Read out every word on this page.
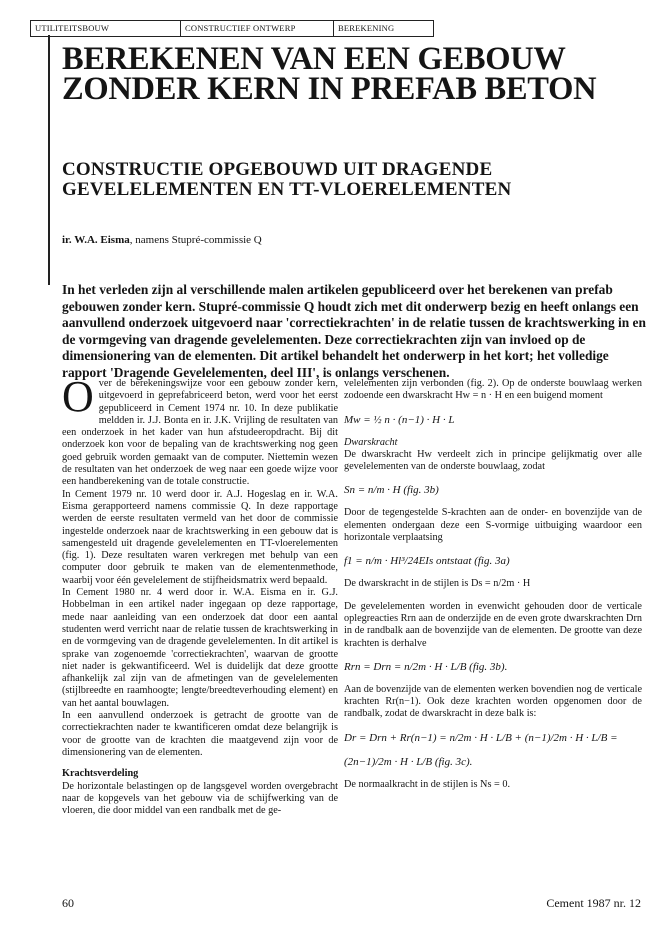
UTILITEITSBOUW	CONSTRUCTIEF ONTWERP	BEREKENING
BEREKENEN VAN EEN GEBOUW ZONDER KERN IN PREFAB BETON
CONSTRUCTIE OPGEBOUWD UIT DRAGENDE GEVELELEMENTEN EN TT-VLOERELEMENTEN
ir. W.A. Eisma, namens Stupré-commissie Q

In het verleden zijn al verschillende malen artikelen gepubliceerd over het berekenen van prefab gebouwen zonder kern. Stupré-commissie Q houdt zich met dit onderwerp bezig en heeft onlangs een aanvullend onderzoek uitgevoerd naar 'correctiekrachten' in de relatie tussen de krachtswerking in en de vormgeving van dragende gevelelementen. Deze correctiekrachten zijn van invloed op de dimensionering van de elementen. Dit artikel behandelt het onderwerp in het kort; het volledige rapport 'Dragende Gevelelementen, deel III', is onlangs verschenen.

Over de berekeningswijze voor een gebouw zonder kern, uitgevoerd in geprefabriceerd beton, werd voor het eerst gepubliceerd in Cement 1974 nr. 10. In deze publikatie meldden ir. J.J. Bonta en ir. J.K. Vrijling de resultaten van een onderzoek in het kader van hun afstudeeropdracht. Bij dit onderzoek kon voor de bepaling van de krachtswerking nog geen goed gebruik worden gemaakt van de computer. Niettemin wezen de resultaten van het onderzoek de weg naar een goede wijze voor een handberekening van de totale constructie.

In Cement 1979 nr. 10 werd door ir. A.J. Hogeslag en ir. W.A. Eisma gerapporteerd namens commissie Q. In deze rapportage werden de eerste resultaten vermeld van het door de commissie ingestelde onderzoek naar de krachtswerking in een gebouw dat is samengesteld uit dragende gevelelementen en TT-vloerelementen (fig. 1). Deze resultaten waren verkregen met behulp van een computer door gebruik te maken van de elementenmethode, waarbij voor één gevelelement de stijfheidsmatrix werd bepaald.

In Cement 1980 nr. 4 werd door ir. W.A. Eisma en ir. G.J. Hobbelman in een artikel nader ingegaan op deze rapportage, mede naar aanleiding van een onderzoek dat door een aantal studenten werd verricht naar de relatie tussen de krachtswerking in en de vormgeving van de dragende gevelelementen. In dit artikel is sprake van zogenoemde 'correctiekrachten', waarvan de grootte niet nader is gekwantificeerd. Wel is duidelijk dat deze grootte afhankelijk zal zijn van de afmetingen van de gevelelementen (stijlbreedte en raamhoogte; lengte/breedteverhouding element) en van het aantal bouwlagen.

In een aanvullend onderzoek is getracht de grootte van de correctiekrachten nader te kwantificeren omdat deze belangrijk is voor de grootte van de krachten die maatgevend zijn voor de dimensionering van de elementen.

Krachtsverdeling

De horizontale belastingen op de langsgevel worden overgebracht naar de kopgevels van het gebouw via de schijfwerking van de vloeren, die door middel van een randbalk met de ge-

velelementen zijn verbonden (fig. 2). Op de onderste bouwlaag werken zodoende een dwarskracht Hw = n · H en een buigend moment

Mw = ½ n · (n−1) · H · L

Dwarskracht

De dwarskracht Hw verdeelt zich in principe gelijkmatig over alle gevelelementen van de onderste bouwlaag, zodat

Sn = n/m · H (fig. 3b)

Door de tegengestelde S-krachten aan de onder- en bovenzijde van de elementen ondergaan deze een S-vormige uitbuiging waardoor een horizontale verplaatsing

f1 = n/m · Hl³/24EIs ontstaat (fig. 3a)

De dwarskracht in de stijlen is Ds = n/2m · H

De gevelelementen worden in evenwicht gehouden door de verticale oplegreacties Rrn aan de onderzijde en de even grote dwarskrachten Drn in de randbalk aan de bovenzijde van de elementen. De grootte van deze krachten is derhalve

Rrn = Drn = n/2m · H · L/B (fig. 3b).

Aan de bovenzijde van de elementen werken bovendien nog de verticale krachten Rr(n−1). Ook deze krachten worden opgenomen door de randbalk, zodat de dwarskracht in deze balk is:

Dr = Drn + Rr(n−1) = n/2m · H · L/B + (n−1)/2m · H · L/B =

(2n−1)/2m · H · L/B (fig. 3c).

De normaalkracht in de stijlen is Ns = 0.

60	Cement 1987 nr. 12
